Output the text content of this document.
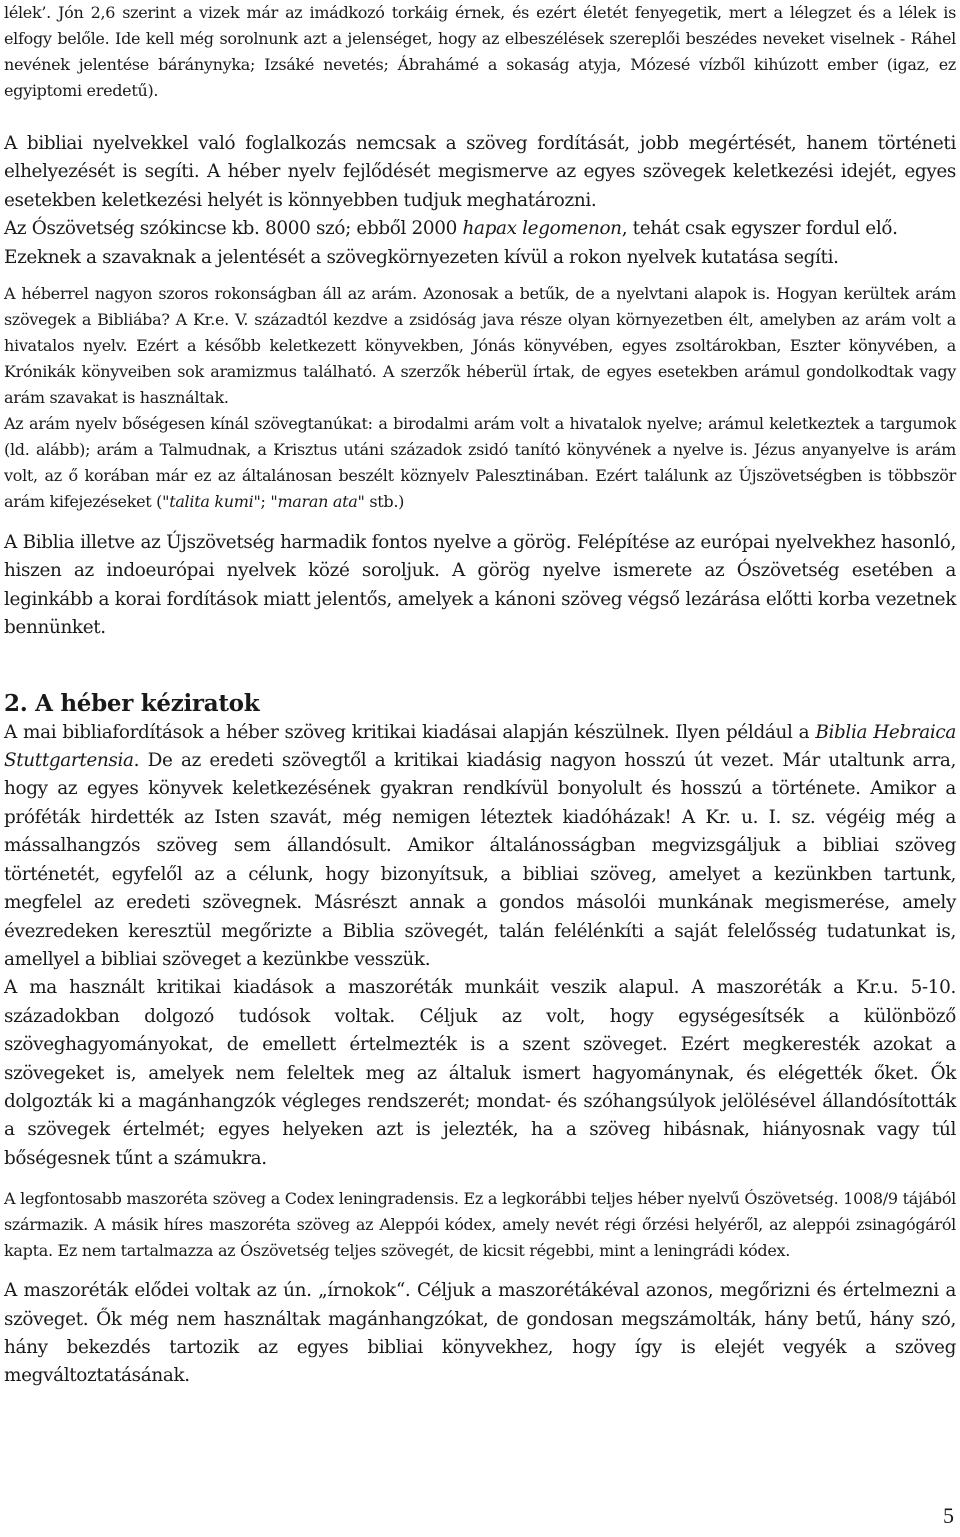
lélek’. Jón 2,6 szerint a vizek már az imádkozó torkáig érnek, és ezért életét fenyegetik, mert a lélegzet és a lélek is elfogy belőle. Ide kell még sorolnunk azt a jelenséget, hogy az elbeszélések szereplői beszédes neveket viselnek - Ráhel nevének jelentése báránynyka; Izsáké nevetés; Ábrahámé a sokaság atyja, Mózesé vízből kihúzott ember (igaz, ez egyiptomi eredetű).

A bibliai nyelvekkel való foglalkozás nemcsak a szöveg fordítását, jobb megértését, hanem történeti elhelyezését is segíti. A héber nyelv fejlődését megismerve az egyes szövegek keletkezési idejét, egyes esetekben keletkezési helyét is könnyebben tudjuk meghatározni.

Az Ószövetség szókincse kb. 8000 szó; ebből 2000 hapax legomenon, tehát csak egyszer fordul elő.

Ezeknek a szavaknak a jelentését a szövegkörnyezeten kívül a rokon nyelvek kutatása segíti.

A héberrel nagyon szoros rokonságban áll az arám. Azonosak a betűk, de a nyelvtani alapok is. Hogyan kerültek arám szövegek a Bibliába? A Kr.e. V. századtól kezdve a zsidóság java része olyan környezetben élt, amelyben az arám volt a hivatalos nyelv. Ezért a később keletkezett könyvekben, Jónás könyvében, egyes zsoltárokban, Eszter könyvében, a Krónikák könyveiben sok aramizmus található. A szerzők héberül írtak, de egyes esetekben arámul gondolkodtak vagy arám szavakat is használtak.

Az arám nyelv bőségesen kínál szövegtanúkat: a birodalmi arám volt a hivatalok nyelve; arámul keletkeztek a targumok (ld. alább); arám a Talmudnak, a Krisztus utáni századok zsidó tanító könyvének a nyelve is. Jézus anyanyelve is arám volt, az ő korában már ez az általánosan beszélt köznyelv Palesztinában. Ezért találunk az Újszövetségben is többször arám kifejezéseket ("talita kumi"; "maran ata" stb.)

A Biblia illetve az Újszövetség harmadik fontos nyelve a görög. Felépítése az európai nyelvekhez hasonló, hiszen az indoeurópai nyelvek közé soroljuk. A görög nyelve ismerete az Ószövetség esetében a leginkább a korai fordítások miatt jelentős, amelyek a kánoni szöveg végső lezárása előtti korba vezetnek bennünket.

2. A héber kéziratok

A mai bibliafordítások a héber szöveg kritikai kiadásai alapján készülnek. Ilyen például a Biblia Hebraica Stuttgartensia. De az eredeti szövegtől a kritikai kiadásig nagyon hosszú út vezet. Már utaltunk arra, hogy az egyes könyvek keletkezésének gyakran rendkívül bonyolult és hosszú a története. Amikor a próféták hirdették az Isten szavát, még nemigen léteztek kiadóházak! A Kr. u. I. sz. végéig még a mássalhangzós szöveg sem állandósult. Amikor általánosságban megvizsgáljuk a bibliai szöveg történetét, egyfelől az a célunk, hogy bizonyítsuk, a bibliai szöveg, amelyet a kezünkben tartunk, megfelel az eredeti szövegnek. Másrészt annak a gondos másolói munkának megismerése, amely évezredeken keresztül megőrizte a Biblia szövegét, talán felélénkíti a saját felelősség tudatunkat is, amellyel a bibliai szöveget a kezünkbe vesszük.

A ma használt kritikai kiadások a maszoréták munkáit veszik alapul. A maszoréták a Kr.u. 5-10. századokban dolgozó tudósok voltak. Céljuk az volt, hogy egységesítsék a különböző szöveghagyományokat, de emellett értelmezték is a szent szöveget. Ezért megkeresték azokat a szövegeket is, amelyek nem feleltek meg az általuk ismert hagyománynak, és elégették őket. Ők dolgozták ki a magánhangzók végleges rendszerét; mondat- és szóhangsúlyok jelölésével állandósították a szövegek értelmét; egyes helyeken azt is jelezték, ha a szöveg hibásnak, hiányosnak vagy túl bőségesnek tűnt a számukra.

A legfontosabb maszoréta szöveg a Codex leningradensis. Ez a legkorábbi teljes héber nyelvű Ószövetség. 1008/9 tájából származik. A másik híres maszoréta szöveg az Aleppói kódex, amely nevét régi őrzési helyéről, az aleppói zsinagógáról kapta. Ez nem tartalmazza az Ószövetség teljes szövegét, de kicsit régebbi, mint a leningrádi kódex.

A maszoréták elődei voltak az ún. „írnokok“. Céljuk a maszorétákéval azonos, megőrizni és értelmezni a szöveget. Ők még nem használtak magánhangzókat, de gondosan megszámolták, hány betű, hány szó, hány bekezdés tartozik az egyes bibliai könyvekhez, hogy így is elejét vegyék a szöveg megváltoztatásának.

5
